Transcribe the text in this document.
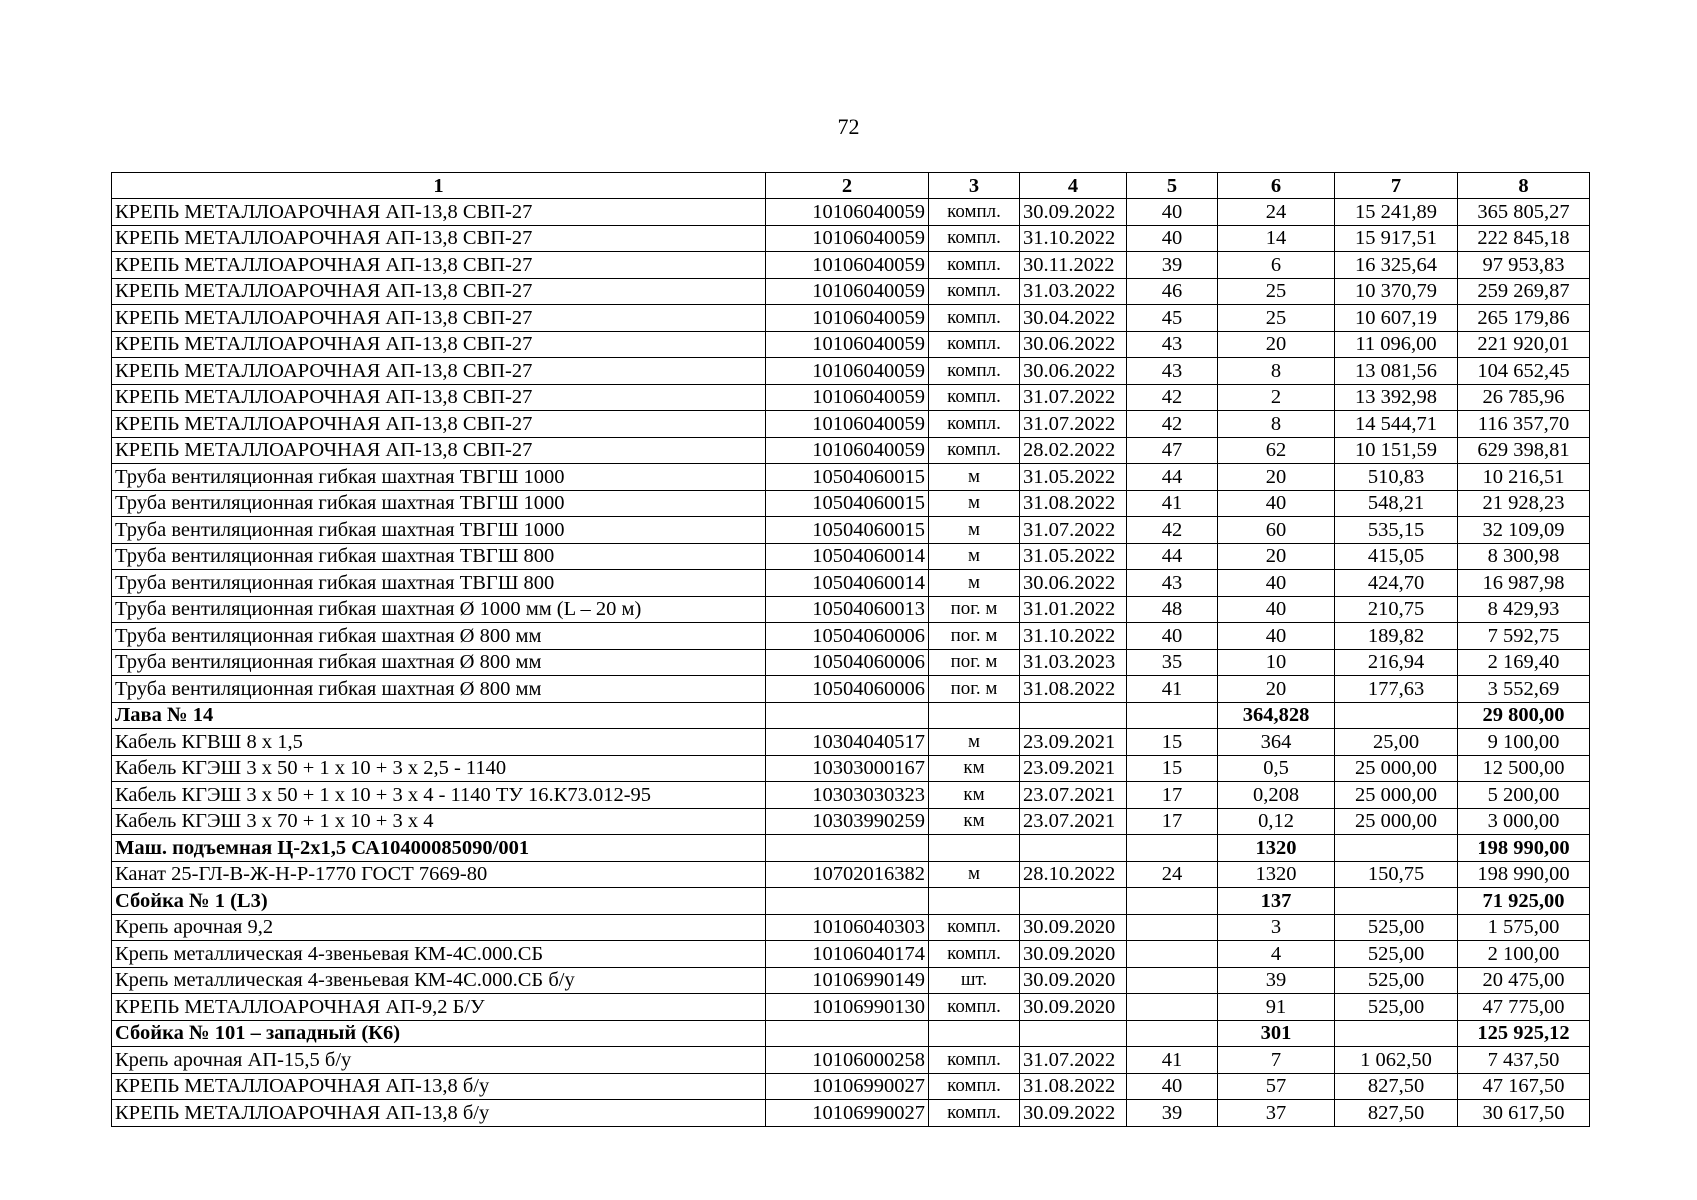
72
1	2	3	4	5	6	7	8
КРЕПЬ МЕТАЛЛОАРОЧНАЯ АП-13,8 СВП-27	10106040059	компл.	30.09.2022	40	24	15 241,89	365 805,27
КРЕПЬ МЕТАЛЛОАРОЧНАЯ АП-13,8 СВП-27	10106040059	компл.	31.10.2022	40	14	15 917,51	222 845,18
КРЕПЬ МЕТАЛЛОАРОЧНАЯ АП-13,8 СВП-27	10106040059	компл.	30.11.2022	39	6	16 325,64	97 953,83
КРЕПЬ МЕТАЛЛОАРОЧНАЯ АП-13,8 СВП-27	10106040059	компл.	31.03.2022	46	25	10 370,79	259 269,87
КРЕПЬ МЕТАЛЛОАРОЧНАЯ АП-13,8 СВП-27	10106040059	компл.	30.04.2022	45	25	10 607,19	265 179,86
КРЕПЬ МЕТАЛЛОАРОЧНАЯ АП-13,8 СВП-27	10106040059	компл.	30.06.2022	43	20	11 096,00	221 920,01
КРЕПЬ МЕТАЛЛОАРОЧНАЯ АП-13,8 СВП-27	10106040059	компл.	30.06.2022	43	8	13 081,56	104 652,45
КРЕПЬ МЕТАЛЛОАРОЧНАЯ АП-13,8 СВП-27	10106040059	компл.	31.07.2022	42	2	13 392,98	26 785,96
КРЕПЬ МЕТАЛЛОАРОЧНАЯ АП-13,8 СВП-27	10106040059	компл.	31.07.2022	42	8	14 544,71	116 357,70
КРЕПЬ МЕТАЛЛОАРОЧНАЯ АП-13,8 СВП-27	10106040059	компл.	28.02.2022	47	62	10 151,59	629 398,81
Труба вентиляционная гибкая шахтная ТВГШ 1000	10504060015	м	31.05.2022	44	20	510,83	10 216,51
Труба вентиляционная гибкая шахтная ТВГШ 1000	10504060015	м	31.08.2022	41	40	548,21	21 928,23
Труба вентиляционная гибкая шахтная ТВГШ 1000	10504060015	м	31.07.2022	42	60	535,15	32 109,09
Труба вентиляционная гибкая шахтная ТВГШ 800	10504060014	м	31.05.2022	44	20	415,05	8 300,98
Труба вентиляционная гибкая шахтная ТВГШ 800	10504060014	м	30.06.2022	43	40	424,70	16 987,98
Труба вентиляционная гибкая шахтная Ø 1000 мм (L – 20 м)	10504060013	пог. м	31.01.2022	48	40	210,75	8 429,93
Труба вентиляционная гибкая шахтная Ø 800 мм	10504060006	пог. м	31.10.2022	40	40	189,82	7 592,75
Труба вентиляционная гибкая шахтная Ø 800 мм	10504060006	пог. м	31.03.2023	35	10	216,94	2 169,40
Труба вентиляционная гибкая шахтная Ø 800 мм	10504060006	пог. м	31.08.2022	41	20	177,63	3 552,69
Лава № 14					364,828		29 800,00
Кабель КГВШ 8 х 1,5	10304040517	м	23.09.2021	15	364	25,00	9 100,00
Кабель КГЭШ 3 х 50 + 1 х 10 + 3 х 2,5 - 1140	10303000167	км	23.09.2021	15	0,5	25 000,00	12 500,00
Кабель КГЭШ 3 х 50 + 1 х 10 + 3 х 4 - 1140 ТУ 16.К73.012-95	10303030323	км	23.07.2021	17	0,208	25 000,00	5 200,00
Кабель КГЭШ 3 х 70 + 1 х 10 + 3 х 4	10303990259	км	23.07.2021	17	0,12	25 000,00	3 000,00
Маш. подъемная Ц-2х1,5 СА10400085090/001					1320		198 990,00
Канат 25-ГЛ-В-Ж-Н-Р-1770 ГОСТ 7669-80	10702016382	м	28.10.2022	24	1320	150,75	198 990,00
Сбойка № 1 (L3)					137		71 925,00
Крепь арочная 9,2	10106040303	компл.	30.09.2020		3	525,00	1 575,00
Крепь металлическая 4-звеньевая КМ-4С.000.СБ	10106040174	компл.	30.09.2020		4	525,00	2 100,00
Крепь металлическая 4-звеньевая КМ-4С.000.СБ б/у	10106990149	шт.	30.09.2020		39	525,00	20 475,00
КРЕПЬ МЕТАЛЛОАРОЧНАЯ АП-9,2 Б/У	10106990130	компл.	30.09.2020		91	525,00	47 775,00
Сбойка № 101 – западный (К6)					301		125 925,12
Крепь арочная АП-15,5 б/у	10106000258	компл.	31.07.2022	41	7	1 062,50	7 437,50
КРЕПЬ МЕТАЛЛОАРОЧНАЯ АП-13,8 б/у	10106990027	компл.	31.08.2022	40	57	827,50	47 167,50
КРЕПЬ МЕТАЛЛОАРОЧНАЯ АП-13,8 б/у	10106990027	компл.	30.09.2022	39	37	827,50	30 617,50
